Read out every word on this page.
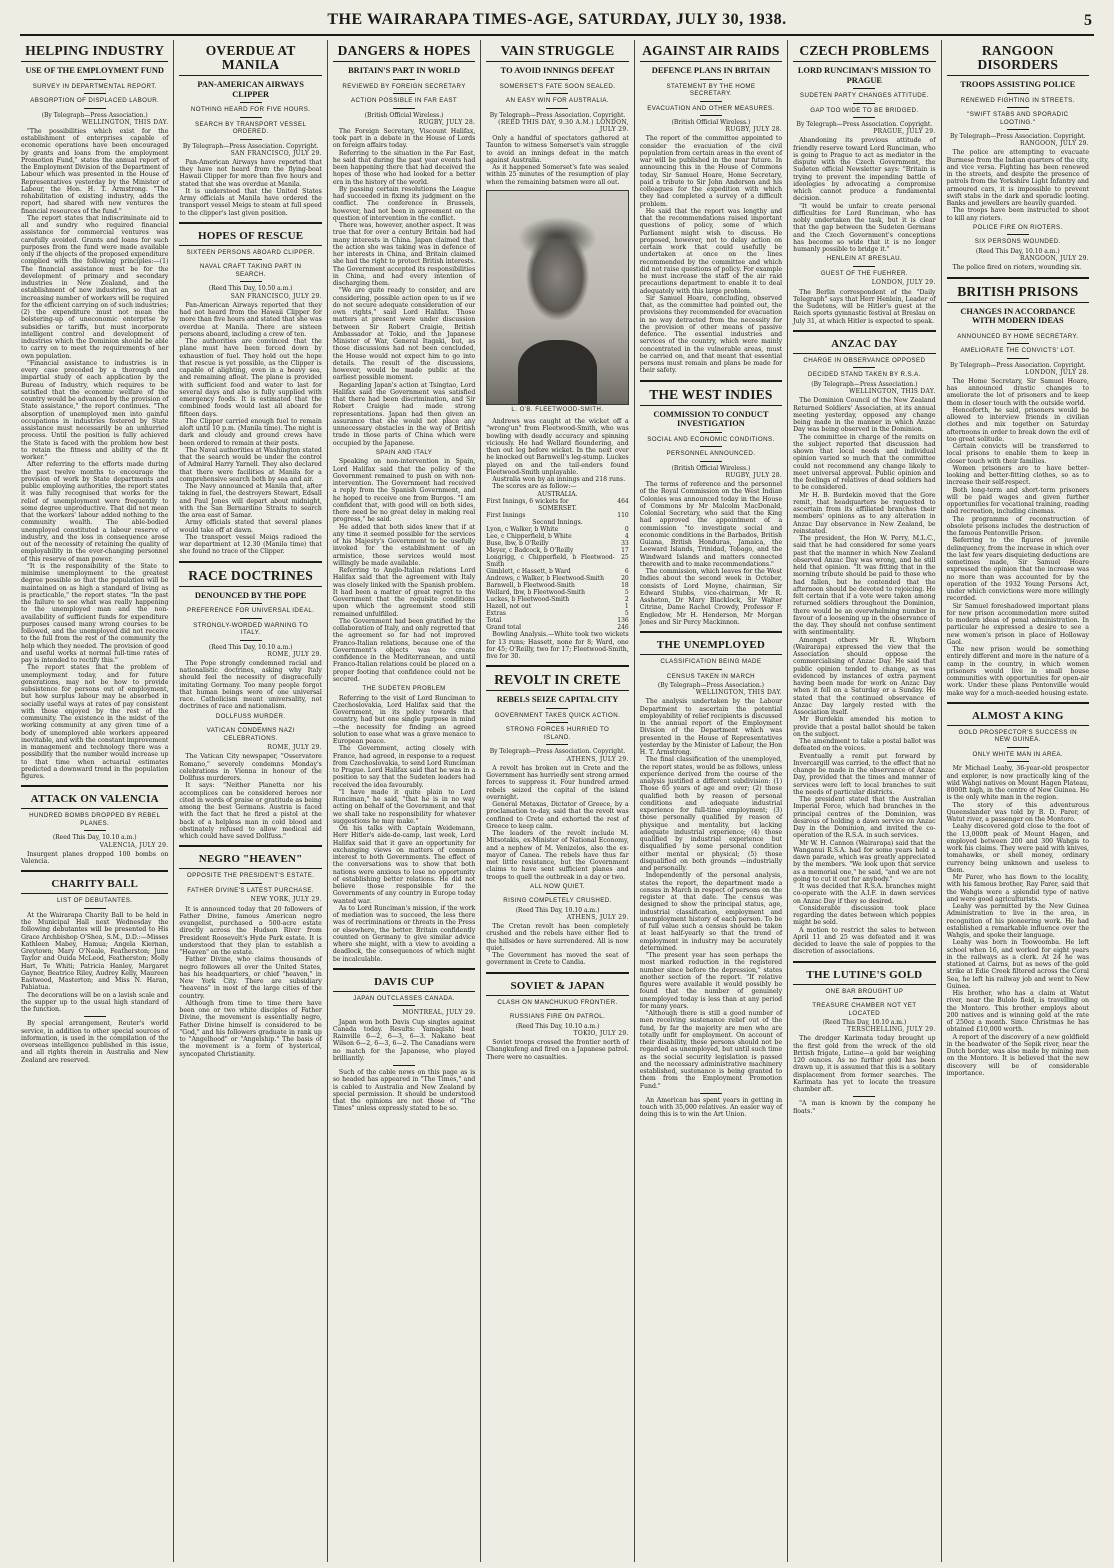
THE WAIRARAPA TIMES-AGE, SATURDAY, JULY 30, 1938.	5
HELPING INDUSTRY
USE OF THE EMPLOYMENT FUND
SURVEY IN DEPARTMENTAL REPORT.
ABSORPTION OF DISPLACED LABOUR.
(By Telegraph—Press Association.)
WELLINGTON, THIS DAY.

"The possibilities which exist for the establishment of enterprises capable of economic operations have been encouraged by grants and loans from the employment Promotion Fund," states the annual report of the Employment Division of the Department of Labour which was presented in the House of Representatives yesterday by the Minister of Labour, the Hon. H. T. Armstrong. "The rehabilitation of existing industry, adds the report, had shared with new ventures the financial resources of the fund."

The report states that indiscriminate aid to all and sundry who required financial assistance for commercial ventures was carefully avoided. Grants and loans for such purposes from the fund were made available only if the objects of the proposed expenditure complied with the following principles:—(1) The financial assistance must be for the development of primary and secondary industries in New Zealand, and the establishment of new industries, so that an increasing number of workers will be required for the efficient carrying on of such industries; (2) the expenditure must not mean the bolstering-up of uneconomic enterprise by subsidies or tariffs, but must incorporate intelligent control and development of industries which the Dominion should be able to carry on to meet the requirements of her own population.

"Financial assistance to industries is in every case preceded by a thorough and impartial study of each application by the Bureau of Industry, which requires to be satisfied that the economic welfare of the country would be advanced by the provision of State assistance," the report continues. "The absorption of unemployed men into gainful occupations in industries fostered by State assistance must necessarily be an unhurried process. Until the position is fully achieved the State is faced with the problem how best to retain the fitness and ability of the fit worker."

After referring to the efforts made during the past twelve months to encourage the provision of work by State departments and public employing authorities, the report states it was fully recognised that works for the relief of unemployment were frequently to some degree unproductive. That did not mean that the workers' labour added nothing to the community wealth. The able-bodied unemployed constituted a labour reserve of industry, and the loss in consequence arose out of the necessity of retaining the quality of employability in the ever-changing personnel of this reserve of man power.

"It is the responsibility of the State to minimise unemployment to the greatest degree possible so that the population will be maintained on as high a standard of living as is practicable," the report states. "In the past the failure to see what was really happening to the unemployed man and the non-availability of sufficient funds for expenditure purposes caused many wrong courses to be followed, and the unemployed did not receive to the full from the rest of the community the help which they needed. The provision of good and useful works at normal full-time rates of pay is intended to rectify this."

The report states that the problem of unemployment today, and for future generations, may not be how to provide subsistence for persons out of employment, but how surplus labour may be absorbed in socially useful ways at rates of pay consistent with those enjoyed by the rest of the community. The existence in the midst of the working community at any given time of a body of unemployed able workers appeared inevitable, and with the constant improvement in management and technology there was a possibility that the number would increase up to that time when actuarial estimates predicted a downward trend in the population figures.

ATTACK ON VALENCIA
HUNDRED BOMBS DROPPED BY REBEL PLANES.
(Reed This Day, 10.10 a.m.)
VALENCIA, JULY 29.

Insurgent planes dropped 100 bombs on Valencia.

CHARITY BALL
LIST OF DEBUTANTES.

At the Wairarapa Charity Ball to be held in the Municipal Hall next Wednesday the following debutantes will be presented to His Grace Archbishop O'Shea, S.M., D.D.:—Misses Kathleen Mabey, Hamua; Angela Kiernan, Greytown; Mary O'Neale, Featherston; June Taylor and Ouida McLeod, Featherston; Molly Hart, Te Whiti; Patricia Hanley, Margaret Gaynor, Beatrice Riley, Audrey Kelly, Maureen Eastwood, Masterton; and Miss N. Haran, Pahiatua.

The decorations will be on a lavish scale and the supper up to the usual high standard of the function.

By special arrangement, Reuter's world service, in addition to other special sources of information, is used in the compilation of the overseas intelligence published in this issue, and all rights therein in Australia and New Zealand are reserved.

OVERDUE AT MANILA
PAN-AMERICAN AIRWAYS CLIPPER
NOTHING HEARD FOR FIVE HOURS.
SEARCH BY TRANSPORT VESSEL ORDERED.
By Telegraph—Press Association. Copyright.
SAN FRANCISCO, JULY 29.

Pan-American Airways have reported that they have not heard from the flying-boat Hawaii Clipper for more than five hours and stated that she was overdue at Manila.

It is understood that the United States Army officials at Manila have ordered the transport vessel Meigs to steam at full speed to the clipper's last given position.

HOPES OF RESCUE
SIXTEEN PERSONS ABOARD CLIPPER.
NAVAL CRAFT TAKING PART IN SEARCH.
(Reed This Day, 10.50 a.m.)
SAN FRANCISCO, JULY 29.

Pan-American Airways reported that they had not heard from the Hawaii Clipper for more than five hours and stated that she was overdue at Manila. There are sixteen persons aboard, including a crew of ten.

The authorities are convinced that the plane must have been forced down by exhaustion of fuel. They hold out the hope that rescue is yet possible, as the Clipper is capable of alighting, even in a heavy sea, and remaining afloat. The plane is provided with sufficient food and water to last for several days and also is fully supplied with emergency foods. It is estimated that the combined foods would last all aboard for fifteen days.

The Clipper carried enough fuel to remain aloft until 10 p.m. (Manila time). The night is dark and cloudy and ground crews have been ordered to remain at their posts.

The Naval authorities at Washington stated that the search would be under the control of Admiral Harry Yarnell. They also declared that there were facilities at Manila for a comprehensive search both by sea and air.

The Navy announced at Manila that, after taking in fuel, the destroyers Stewart, Edsall and Paul Jones will depart about midnight, with the San Bernardino Straits to search the area east of Samar.

Army officials stated that several planes would take off at dawn.

The transport vessel Meigs radioed the war department at 12.30 (Manila time) that she found no trace of the Clipper.

RACE DOCTRINES
DENOUNCED BY THE POPE
PREFERENCE FOR UNIVERSAL IDEAL.
STRONGLY-WORDED WARNING TO ITALY.
(Reed This Day, 10.10 a.m.)
ROME, JULY 29.

The Pope strongly condemned racial and nationalistic doctrines, asking why Italy should feel the necessity of disgracefully imitating Germany. Too many people forgot that human beings were of one universal race. Catholicism meant universality, not doctrines of race and nationalism.

DOLLFUSS MURDER.
VATICAN CONDEMNS NAZI CELEBRATIONS.
ROME, JULY 29.

The Vatican City newspaper, "Osservatore Romano," severely condemns Monday's celebrations in Vienna in honour of the Dollfuss murderers.

It says: "Neither Planetta nor his accomplices can be considered heroes nor cited in words of praise or gratitude as being among the best Germans. Austria is faced with the fact that he fired a pistol at the back of a helpless man in cold blood and obstinately refused to allow medical aid which could have saved Dollfuss."

NEGRO "HEAVEN"
OPPOSITE THE PRESIDENT'S ESTATE.
FATHER DIVINE'S LATEST PURCHASE.
NEW YORK, JULY 29.

It is announced today that 20 followers of Father Divine, famous American negro evangelist, purchased a 500-acre estate directly across the Hudson River from President Roosevelt's Hyde Park estate. It is understood that they plan to establish a "Heaven" on the estate.

Father Divine, who claims thousands of negro followers all over the United States, has his headquarters, or chief "heaven," in New York City. There are subsidiary "heavens" in most of the large cities of the country.

Although from time to time there have been one or two white disciples of Father Divine, the movement is essentially negro, Father Divine himself is considered to be "God," and his followers graduate in rank up to "Angelhood" or "Angelship." The basis of the movement is a form of hysterical, syncopated Christianity.

DANGERS & HOPES
BRITAIN'S PART IN WORLD
REVIEWED BY FOREIGN SECRETARY
ACTION POSSIBLE IN FAR EAST
(British Official Wireless.)
RUGBY, JULY 28.

The Foreign Secretary, Viscount Halifax, took part in a debate in the House of Lords on foreign affairs today.

Referring to the situation in the Far East, he said that during the past year events had been happening there that had deceived the hopes of those who had looked for a better era in the history of the world.

By passing certain resolutions the League had succeeded in fixing its judgment on the conflict. The conference in Brussels, however, had not been in agreement on the question of intervention in the conflict.

There was, however, another aspect. It was true that for over a century Britain had had many interests in China. Japan claimed that the action she was taking was in defence of her interests in China, and Britain claimed she had the right to protect British interests. The Government accepted its responsibilities in China, and had every intention of discharging them.

"We are quite ready to consider, and are considering, possible action open to us if we do not secure adequate consideration of our own rights," said Lord Halifax. Those matters at present were under discussion between Sir Robert Craigie, British Ambassador at Tokio, and the Japanese Minister of War, General Itagaki, but, as those discussions had not been concluded, the House would not expect him to go into details. The result of the discussions, however, would be made public at the earliest possible moment.

Regarding Japan's action at Tsingtao, Lord Halifax said the Government was satisfied that there had been discrimination, and Sir Robert Craigie had made strong representations. Japan had then given an assurance that she would not place any unnecessary obstacles in the way of British trade in those parts of China which were occupied by the Japanese.

SPAIN AND ITALY

Speaking on non-intervention in Spain, Lord Halifax said that the policy of the Government remained to push on with non-intervention. The Government had received a reply from the Spanish Government, and he hoped to receive one from Burgos. "I am confident that, with good will on both sides, there need be no great delay in making real progress," he said.

He added that both sides knew that if at any time it seemed possible for the services of his Majesty's Government to be usefully invoked for the establishment of an armistice, those services would most willingly be made available.

Referring to Anglo-Italian relations Lord Halifax said that the agreement with Italy was closely linked with the Spanish problem. It had been a matter of great regret to the Government that the requisite conditions upon which the agreement stood still remained unfulfilled.

The Government had been gratified by the collaboration of Italy, and only regretted that the agreement so far had not improved Franco-Italian relations, because one of the Government's objects was to create confidence in the Mediterranean, and until Franco-Italian relations could be placed on a proper footing that confidence could not be secured.

THE SUDETEN PROBLEM

Referring to the visit of Lord Runciman to Czechoslovakia, Lord Halifax said that the Government, in its policy towards that country, had but one single purpose in mind—the necessity for finding an agreed solution to ease what was a grave menace to European peace.

The Government, acting closely with France, had agreed, in response to a request from Czechoslovakia, to send Lord Runciman to Prague. Lord Halifax said that he was in a position to say that the Sudeten leaders had received the idea favourably.

"I have made it quite plain to Lord Runciman," he said, "that he is in no way acting on behalf of the Government, and that we shall take no responsibility for whatever suggestions he may make."

On his talks with Captain Weidemann, Herr Hitler's aide-de-camp, last week, Lord Halifax said that it gave an opportunity for exchanging views on matters of common interest to both Governments. The effect of the conversations was to show that both nations were anxious to lose no opportunity of establishing better relations. He did not believe those responsible for the Governments of any country in Europe today wanted war.

As to Lord Runciman's mission, if the work of mediation was to succeed, the less there was of recriminations or threats in the Press or elsewhere, the better. Britain confidently counted on Germany to give similar advice where she might, with a view to avoiding a deadlock, the consequences of which might be incalculable.

DAVIS CUP
JAPAN OUTCLASSES CANADA.
MONTREAL, JULY 29.

Japan won both Davis Cup singles against Canada today. Results: Yamagishi beat Rainville 6—2, 6—3, 6—3. Nakano beat Wilson 6—2, 6—3, 6—2. The Canadians were no match for the Japanese, who played brilliantly.

Such of the cable news on this page as is so headed has appeared in "The Times," and is cabled to Australia and New Zealand by special permission. It should be understood that the opinions are not those of "The Times" unless expressly stated to be so.

VAIN STRUGGLE
TO AVOID INNINGS DEFEAT
SOMERSET'S FATE SOON SEALED.
AN EASY WIN FOR AUSTRALIA.
By Telegraph—Press Association. Copyright.
(REED THIS DAY, 9.30 A.M.) LONDON, JULY 29.

Only a handful of spectators gathered at Taunton to witness Somerset's vain struggle to avoid an innings defeat in the match against Australia.

As it happened Somerset's fate was sealed within 25 minutes of the resumption of play when the remaining batsmen were all out.

L. O'B. FLEETWOOD-SMITH.

Andrews was caught at the wicket off a "wrong'un" from Fleetwood-Smith, who was bowling with deadly accuracy and spinning viciously. He had Wellard floundering, and then out leg before wicket. In the next over he knocked out Barnwell's leg-stump. Luckes played on and the tail-enders found Fleetwood-Smith unplayable.

Australia won by an innings and 218 runs.

The scores are as follow:—

AUSTRALIA.
First Innings, 6 wickets for	464
SOMERSET.
First Innings	110
Second Innings.
Lyon, c Walker, b White	0
Lee, c Chipperfield, b White	4
Buse, lbw, b O'Reilly	33
Meyer, c Badcock, b O'Reilly	17
Longrigg, c Chipperfield, b Fleetwood-Smith	25
Gimblett, c Hassett, b Ward	6
Andrews, c Walker, b Fleetwood-Smith	20
Barnwell, b Fleetwood-Smith	18
Wellard, lbw, b Fleetwood-Smith	5
Luckes, b Fleetwood-Smith	2
Hazell, not out	1
Extras	5
Total	136
Grand total	246

Bowling Analysis.—White took two wickets for 13 runs; Hassett, none for 8; Ward, one for 45; O'Reilly, two for 17; Fleetwood-Smith, five for 30.

REVOLT IN CRETE
REBELS SEIZE CAPITAL CITY
GOVERNMENT TAKES QUICK ACTION.
STRONG FORCES HURRIED TO ISLAND.
By Telegraph—Press Association. Copyright.
ATHENS, JULY 29.

A revolt has broken out in Crete and the Government has hurriedly sent strong armed forces to suppress it. Four hundred armed rebels seized the capital of the island overnight.

General Metaxas, Dictator of Greece, by a proclamation to-day, said that the revolt was confined to Crete and exhorted the rest of Greece to keep calm.

The leaders of the revolt include M. Mitsotakis, ex-Minister of National Economy, and a nephew of M. Venizelos, also the ex-mayor of Canea. The rebels have thus far met little resistance, but the Government claims to have sent sufficient planes and troops to quell the outbreak in a day or two.

ALL NOW QUIET.
RISING COMPLETELY CRUSHED.
(Reed This Day, 10.10 a.m.)
ATHENS, JULY 29.

The Cretan revolt has been completely crushed and the rebels have either fled to the hillsides or have surrendered. All is now quiet.

The Government has moved the seat of government in Crete to Candia.

SOVIET & JAPAN
CLASH ON MANCHUKUO FRONTIER.
RUSSIANS FIRE ON PATROL.
(Reed This Day, 10.10 a.m.)
TOKIO, JULY 29.

Soviet troops crossed the frontier north of Changkufeng and fired on a Japanese patrol. There were no casualties.

AGAINST AIR RAIDS
DEFENCE PLANS IN BRITAIN
STATEMENT BY THE HOME SECRETARY.
EVACUATION AND OTHER MEASURES.
(British Official Wireless.)
RUGBY, JULY 28.

The report of the committee appointed to consider the evacuation of the civil population from certain areas in the event of war will be published in the near future. In announcing this in the House of Commons today, Sir Samuel Hoare, Home Secretary, paid a tribute to Sir John Anderson and his colleagues for the expedition with which they had completed a survey of a difficult problem.

He said that the report was lengthy and that the recommendations raised important questions of policy, some of which Parliament might wish to discuss. He proposed, however, not to delay action on certain work that could usefully be undertaken at once on the lines recommended by the committee and which did not raise questions of policy. For example he must increase the staff of the air raid precautions department to enable it to deal adequately with this large problem.

Sir Samuel Hoare, concluding, observed that, as the committee had pointed out, the provisions they recommended for evacuation in no way detracted from the necessity for the provision of other means of passive defence. The essential industries and services of the country, which were mainly concentrated in the vulnerable areas, must be carried on, and that meant that essential persons must remain and plans be made for their safety.

THE WEST INDIES
COMMISSION TO CONDUCT INVESTIGATION
SOCIAL AND ECONOMIC CONDITIONS.
PERSONNEL ANNOUNCED.
(British Official Wireless.)
RUGBY, JULY 28.

The terms of reference and the personnel of the Royal Commission on the West Indian Colonies was announced today in the House of Commons by Mr Malcolm MacDonald, Colonial Secretary, who said that the King had approved the appointment of a commission "to investigate social and economic conditions in the Barbados, British Guiana, British Honduras, Jamaica, the Leeward Islands, Trinidad, Tobago, and the Windward Islands and matters connected therewith and to make recommendations."

The commission, which leaves for the West Indies about the second week in October, consists of Lord Moyne, chairman, Sir Edward Stubbs, vice-chairman, Mr R. Assheton, Dr Mary Blacklock, Sir Walter Citrine, Dame Rachel Crowdy, Professor F. Engledow, Mr H. Henderson, Mr Morgan Jones and Sir Percy Mackinnon.

THE UNEMPLOYED
CLASSIFICATION BEING MADE
CENSUS TAKEN IN MARCH
(By Telegraph—Press Association.)
WELLINGTON, THIS DAY.

The analysis undertaken by the Labour Department to ascertain the potential employability of relief recipients is discussed in the annual report of the Employment Division of the Department which was presented in the House of Representatives yesterday by the Minister of Labour, the Hon H. T. Armstrong.

The final classification of the unemployed, the report states, would be as follows, unless experience derived from the course of the analysis justified a different subdivision: (1) Those 65 years of age and over; (2) those qualified both by reason of personal conditions and adequate industrial experience for full-time employment; (3) those personally qualified by reason of physique and mentality, but lacking adequate industrial experience; (4) those qualified by industrial experience but disqualified by some personal condition either mental or physical; (5) those disqualified on both grounds —industrially and personally.

Independently of the personal analysis, states the report, the department made a census in March in respect of persons on the register at that date. The census was designed to show the principal status, age, industrial classification, employment and unemployment history of each person. To be of full value such a census should be taken at least half-yearly so that the trend of employment in industry may be accurately determined.

"The present year has seen perhaps the most marked reduction in the registered number since before the depression," states another section of the report. "If relative figures were available it would possibly be found that the number of genuinely unemployed today is less than at any period for many years.

"Although there is still a good number of men receiving sustenance relief out of the fund, by far the majority are men who are totally unfit for employment. On account of their disability, these persons should not be regarded as unemployed, but until such time as the social security legislation is passed and the necessary administrative machinery established, sustenance is being granted to them from the Employment Promotion Fund."

An American has spent years in getting in touch with 35,000 relatives. An easier way of doing this is to win the Art Union.

CZECH PROBLEMS
LORD RUNCIMAN'S MISSION TO PRAGUE
SUDETEN PARTY CHANGES ATTITUDE.
GAP TOO WIDE TO BE BRIDGED.
By Telegraph—Press Association. Copyright.
PRAGUE, JULY 29.

Abandoning its previous attitude of friendly reserve toward Lord Runciman, who is going to Prague to act as mediator in the dispute with the Czech Government, the Sudeten official Newsletter says: "Britain is trying to prevent the impending battle of ideologies by advocating a compromise which cannot produce a fundamental decision.

"It would be unfair to create personal difficulties for Lord Runciman, who has nobly undertaken the task, but it is clear that the gap between the Sudeten Germans and the Czech Government's conceptions has become so wide that it is no longer humanly possible to bridge it."

HENLEIN AT BRESLAU.
GUEST OF THE FUEHRER.
LONDON, JULY 29.

The Berlin correspondent of the "Daily Telegraph" says that Herr Henlein, Leader of the Sudetens, will be Hitler's guest at the Reich sports gymnastic festival at Breslau on July 31, at which Hitler is expected to speak.

ANZAC DAY
CHARGE IN OBSERVANCE OPPOSED
DECIDED STAND TAKEN BY R.S.A.
(By Telegraph—Press Association.)
WELLINGTON, THIS DAY.

The Dominion Council of the New Zealand Returned Soldiers' Association, at its annual meeting yesterday, opposed any change being made in the manner in which Anzac Day was being observed in the Dominion.

The committee in charge of the remits on the subject reported that discussion had shown that local needs and individual opinion varied so much that the committee could not recommend any change likely to meet universal approval. Public opinion and the feelings of relatives of dead soldiers had to be considered.

Mr H. B. Burdekin moved that the Gore remit, that headquarters be requested to ascertain from its affiliated branches their members' opinions as to any alteration in Anzac Day observance in New Zealand, be reinstated.

The president, the Hon W. Perry, M.L.C., said that he had considered for some years past that the manner in which New Zealand observed Anzac Day was wrong, and he still held that opinion. "It was fitting that in the morning tribute should be paid to those who had fallen, but he contended that the afternoon should be devoted to rejoicing. He felt certain that if a vote were taken among returned soldiers throughout the Dominion, there would be an overwhelming number in favour of a loosening up in the observance of the day. They should not confuse sentiment with sentimentality.

Amongst others Mr R. Whyborn (Wairarapa) expressed the view that the Association should oppose the commercialising of Anzac Day. He said that public opinion tended to change, as was evidenced by instances of extra payment having been made for work on Anzac Day when it fell on a Saturday or a Sunday. He stated that the continued observance of Anzac Day largely rested with the Association itself.

Mr Burdekin amended his motion to provide that a postal ballot should be taken on the subject.

The amendment to take a postal ballot was defeated on the voices.

Eventually a remit put forward by Invercargill was carried, to the effect that no change be made in the observance of Anzac Day, provided that the times and manner of services were left to local branches to suit the needs of particular districts.

The president stated that the Australian Imperial Force, which had branches in the principal centres of the Dominion, was desirous of holding a dawn service on Anzac Day in the Dominion, and invited the co-operation of the R.S.A. in such services.

Mr W. H. Cannon (Wairarapa) said that the Wanganui R.S.A. had for some years held a dawn parade, which was greatly appreciated by the members. "We look upon that service as a memorial one," he said, "and we are not going to cut it out for anybody."

It was decided that R.S.A. branches might co-operate with the A.I.F. in dawn services on Anzac Day if they so desired.

Considerable discussion took place regarding the dates between which poppies might be sold.

A motion to restrict the sales to between April 11 and 25 was defeated and it was decided to leave the sale of poppies to the discretion of associations.

THE LUTINE'S GOLD
ONE BAR BROUGHT UP
TREASURE CHAMBER NOT YET LOCATED
(Reed This Day, 10.10 a.m.)
TERSCHELLING, JULY 29.

The dredger Karimata today brought up the first gold from the wreck of the old British frigate, Lutine—a gold bar weighing 120 ounces. As no further gold has been drawn up, it is assumed that this is a solitary displacement from former searches. The Karimata has yet to locate the treasure chamber aft.

"A man is known by the company he floats."

RANGOON DISORDERS
TROOPS ASSISTING POLICE
RENEWED FIGHTING IN STREETS.
"SWIFT STABS AND SPORADIC LOOTING."
By Telegraph—Press Association. Copyright.
RANGOON, JULY 29.

The police are attempting to evacuate Burmese from the Indian quarters of the city, and vice versa. Fighting has been renewed in the streets, and despite the presence of patrols from the Yorkshire Light Infantry and armoured cars, it is impossible to prevent swift stabs in the dark and sporadic looting. Banks and jewellers are heavily guarded.

The troops have been instructed to shoot to kill any rioters.

POLICE FIRE ON RIOTERS.
SIX PERSONS WOUNDED.
(Reed This Day, 10.10 a.m.)
RANGOON, JULY 29.

The police fired on rioters, wounding six.

BRITISH PRISONS
CHANGES IN ACCORDANCE WITH MODERN IDEAS
ANNOUNCED BY HOME SECRETARY.
AMELIORATE THE CONVICTS' LOT.
By Telegraph—Press Association. Copyright.
LONDON, JULY 28.

The Home Secretary, Sir Samuel Hoare, has announced drastic changes to ameliorate the lot of prisoners and to keep them in closer touch with the outside world.

Henceforth, he said, prisoners would be allowed to interview friends in civilian clothes and mix together on Saturday afternoons in order to break down the evil of too great solitude.

Certain convicts will be transferred to local prisons to enable them to keep in closer touch with their families.

Women prisoners are to have better-looking and better-fitting clothes, so as to increase their self-respect.

Both long-term and short-term prisoners will be paid wages and given further opportunities for vocational training, reading and recreation, including cinemas.

The programme of reconstruction of obsolete prisons includes the destruction of the famous Pentonville Prison.

Referring to the figures of juvenile delinquency, from the increase in which over the last few years disquieting deductions are sometimes made, Sir Samuel Hoare expressed the opinion that the increase was no more than was accounted for by the operation of the 1932 Young Persons Act, under which convictions were more willingly recorded.

Sir Samuel foreshadowed important plans for new prison accommodation more suited to modern ideas of penal administration. In particular he expressed a desire to see a new women's prison in place of Holloway Gaol.

The new prison would be something entirely different and more in the nature of a camp in the country, in which women prisoners would live in small house communities with opportunities for open-air work. Under these plans Pentonville would make way for a much-needed housing estate.

ALMOST A KING
GOLD PROSPECTOR'S SUCCESS IN NEW GUINEA.
ONLY WHITE MAN IN AREA.

Mr Michael Leahy, 36-year-old prospector and explorer, is now practically king of the wild Wahgi natives on Mount Hagen Plateau, 8000ft high, in the centre of New Guinea. He is the only white man in the region.

The story of this adventurous Queenslander was told by B. D. Parer, of Watut river, a passenger on the Montoro.

Leahy discovered gold close to the foot of the 13,000ft peak of Mount Hagen, and employed between 200 and 300 Wahgis to work his claims. They were paid with knives, tomahawks, or shell money, ordinary currency being unknown and useless to them.

Mr Parer, who has flown to the locality, with his famous brother, Ray Parer, said that the Wahgis were a splendid type of native and were good agriculturists.

Leahy was permitted by the New Guinea Administration to live in the area, in recognition of his pioneering work. He had established a remarkable influence over the Wahgis, and spoke their language.

Leahy was born in Toowoomba. He left school when 16, and worked for eight years in the railways as a clerk. At 24 he was stationed at Cairns, but as news of the gold strike at Edie Creek filtered across the Coral Sea, he left his railway job and went to New Guinea.

His brother, who has a claim at Watut river, near the Bulolo field, is travelling on the Montoro. This brother employs about 200 natives and is winning gold at the rate of 250oz a month. Since Christmas he has obtained £10,000 worth.

A report of the discovery of a new goldfield in the headwater of the Sepik river, near the Dutch border, was also made by mining men on the Montoro. It is believed that the new discovery will be of considerable importance.
